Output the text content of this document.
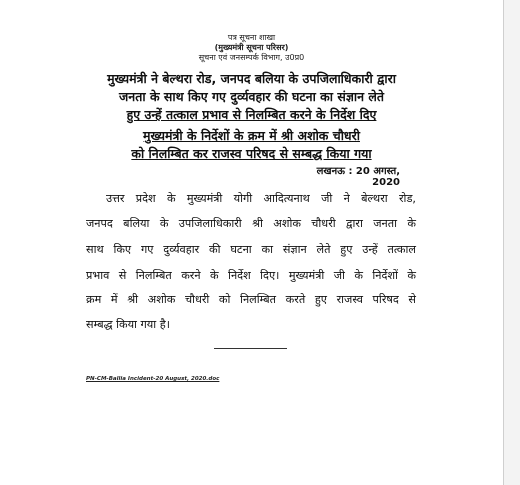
पत्र सूचना शाखा
(मुख्यमंत्री सूचना परिसर)
सूचना एवं जनसम्पर्क विभाग, उ0प्र0
मुख्यमंत्री ने बेल्थरा रोड, जनपद बलिया के उपजिलाधिकारी द्वारा
जनता के साथ किए गए दुर्व्यवहार की घटना का संज्ञान लेते
हुए उन्हें तत्काल प्रभाव से निलम्बित करने के निर्देश दिए
मुख्यमंत्री के निर्देशों के क्रम में श्री अशोक चौधरी
को निलम्बित कर राजस्व परिषद से सम्बद्ध किया गया
लखनऊ : 20 अगस्त, 2020
उत्तर प्रदेश के मुख्यमंत्री योगी आदित्यनाथ जी ने बेल्थरा रोड,
जनपद बलिया के उपजिलाधिकारी श्री अशोक चौधरी द्वारा जनता के
साथ किए गए दुर्व्यवहार की घटना का संज्ञान लेते हुए उन्हें तत्काल
प्रभाव से निलम्बित करने के निर्देश दिए। मुख्यमंत्री जी के निर्देशों के
क्रम में श्री अशोक चौधरी को निलम्बित करते हुए राजस्व परिषद से
सम्बद्ध किया गया है।
PN-CM-Ballia Incident-20 August, 2020.doc
